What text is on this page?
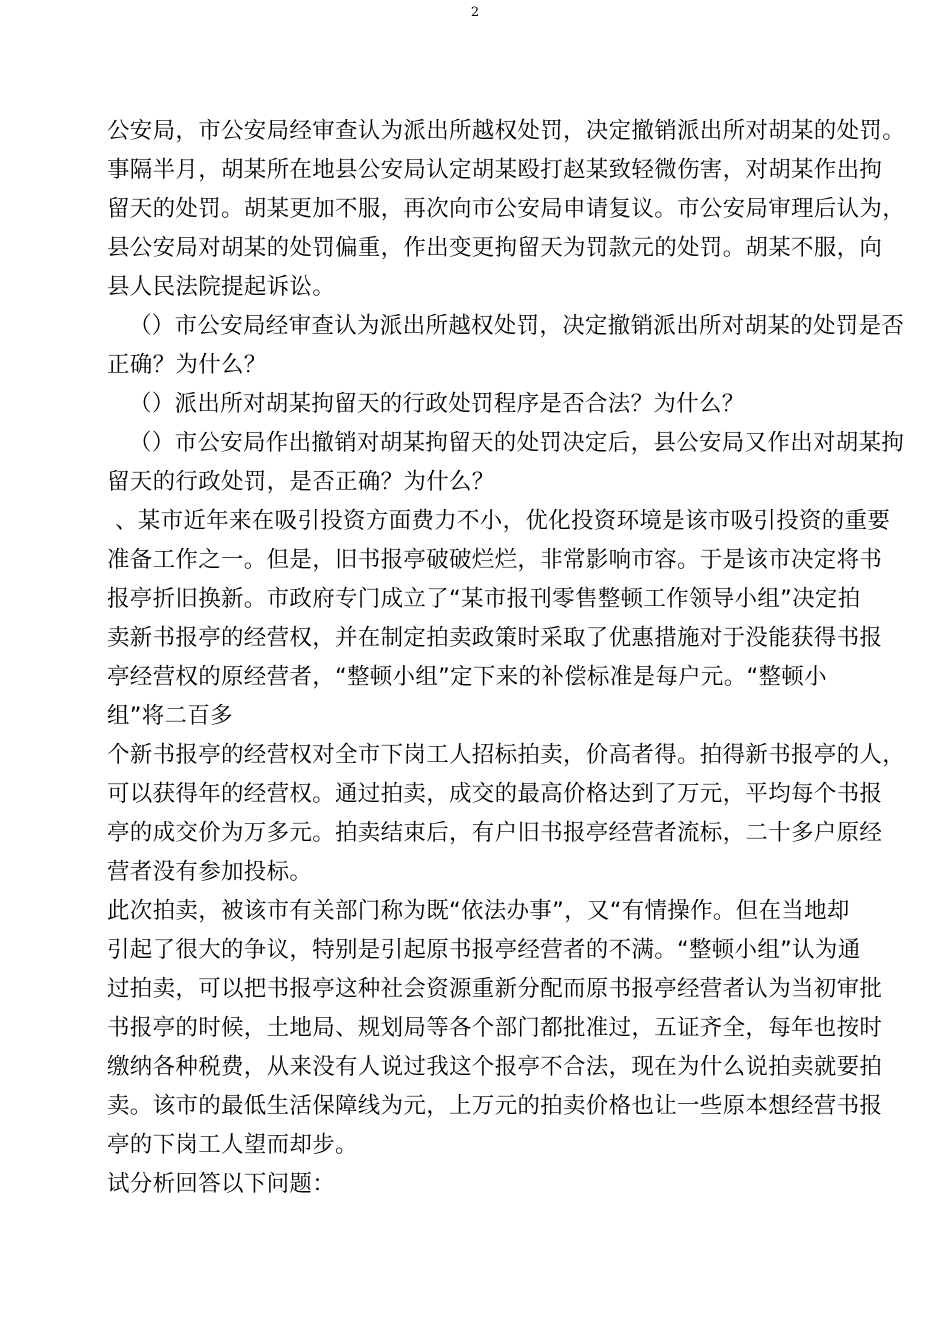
2
公安局，市公安局经审查认为派出所越权处罚，决定撤销派出所对胡某的处罚。
事隔半月，胡某所在地县公安局认定胡某殴打赵某致轻微伤害，对胡某作出拘
留天的处罚。胡某更加不服，再次向市公安局申请复议。市公安局审理后认为，
县公安局对胡某的处罚偏重，作出变更拘留天为罚款元的处罚。胡某不服，向
县人民法院提起诉讼。
（）市公安局经审查认为派出所越权处罚，决定撤销派出所对胡某的处罚是否
正确？为什么？
（）派出所对胡某拘留天的行政处罚程序是否合法？为什么？
（）市公安局作出撤销对胡某拘留天的处罚决定后，县公安局又作出对胡某拘
留天的行政处罚，是否正确？为什么？
、某市近年来在吸引投资方面费力不小，优化投资环境是该市吸引投资的重要
准备工作之一。但是，旧书报亭破破烂烂，非常影响市容。于是该市决定将书
报亭折旧换新。市政府专门成立了“某市报刊零售整顿工作领导小组”决定拍
卖新书报亭的经营权，并在制定拍卖政策时采取了优惠措施对于没能获得书报
亭经营权的原经营者，“整顿小组”定下来的补偿标准是每户元。“整顿小
组”将二百多
个新书报亭的经营权对全市下岗工人招标拍卖，价高者得。拍得新书报亭的人，
可以获得年的经营权。通过拍卖，成交的最高价格达到了万元，平均每个书报
亭的成交价为万多元。拍卖结束后，有户旧书报亭经营者流标，二十多户原经
营者没有参加投标。
此次拍卖，被该市有关部门称为既“依法办事”，又“有情操作。但在当地却
引起了很大的争议，特别是引起原书报亭经营者的不满。“整顿小组”认为通
过拍卖，可以把书报亭这种社会资源重新分配而原书报亭经营者认为当初审批
书报亭的时候，土地局、规划局等各个部门都批准过，五证齐全，每年也按时
缴纳各种税费，从来没有人说过我这个报亭不合法，现在为什么说拍卖就要拍
卖。该市的最低生活保障线为元，上万元的拍卖价格也让一些原本想经营书报
亭的下岗工人望而却步。
试分析回答以下问题：
